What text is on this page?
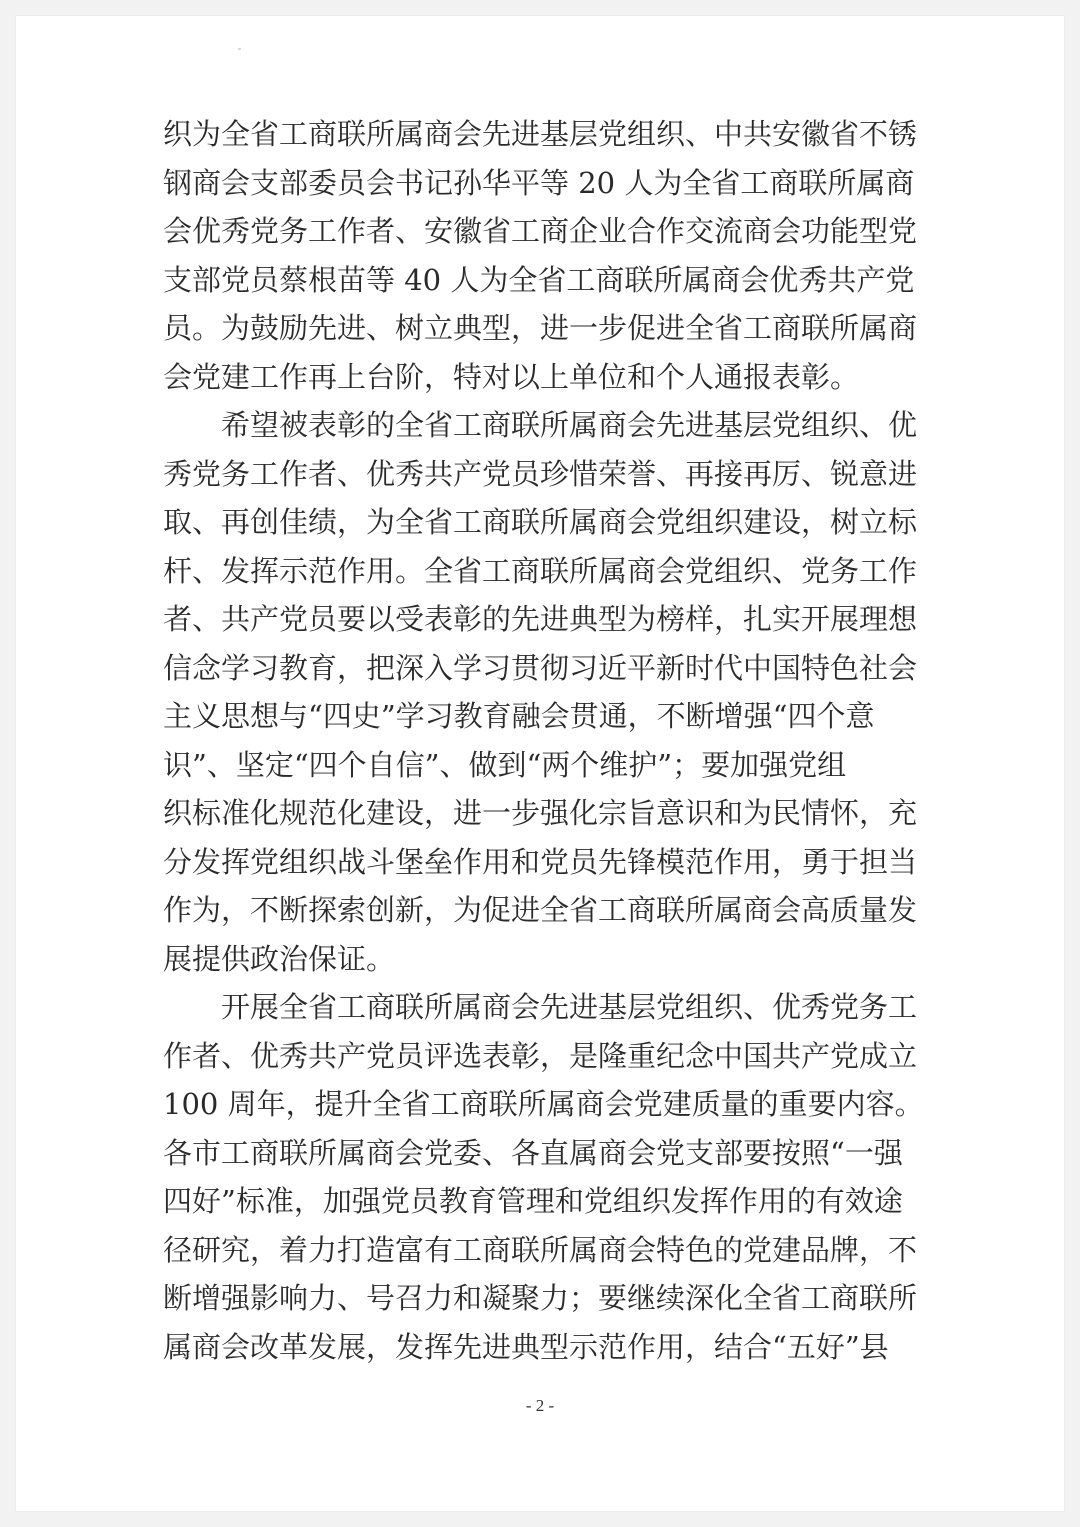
织为全省工商联所属商会先进基层党组织、中共安徽省不锈
钢商会支部委员会书记孙华平等 20 人为全省工商联所属商
会优秀党务工作者、安徽省工商企业合作交流商会功能型党
支部党员蔡根苗等 40 人为全省工商联所属商会优秀共产党
员。为鼓励先进、树立典型，进一步促进全省工商联所属商
会党建工作再上台阶，特对以上单位和个人通报表彰。
　　希望被表彰的全省工商联所属商会先进基层党组织、优
秀党务工作者、优秀共产党员珍惜荣誉、再接再厉、锐意进
取、再创佳绩，为全省工商联所属商会党组织建设，树立标
杆、发挥示范作用。全省工商联所属商会党组织、党务工作
者、共产党员要以受表彰的先进典型为榜样，扎实开展理想
信念学习教育，把深入学习贯彻习近平新时代中国特色社会
主义思想与“四史”学习教育融会贯通，不断增强“四个意
识”、坚定“四个自信”、做到“两个维护”；要加强党组
织标准化规范化建设，进一步强化宗旨意识和为民情怀，充
分发挥党组织战斗堡垒作用和党员先锋模范作用，勇于担当
作为，不断探索创新，为促进全省工商联所属商会高质量发
展提供政治保证。
　　开展全省工商联所属商会先进基层党组织、优秀党务工
作者、优秀共产党员评选表彰，是隆重纪念中国共产党成立
100 周年，提升全省工商联所属商会党建质量的重要内容。
各市工商联所属商会党委、各直属商会党支部要按照“一强
四好”标准，加强党员教育管理和党组织发挥作用的有效途
径研究，着力打造富有工商联所属商会特色的党建品牌，不
断增强影响力、号召力和凝聚力；要继续深化全省工商联所
属商会改革发展，发挥先进典型示范作用，结合“五好”县
- 2 -
